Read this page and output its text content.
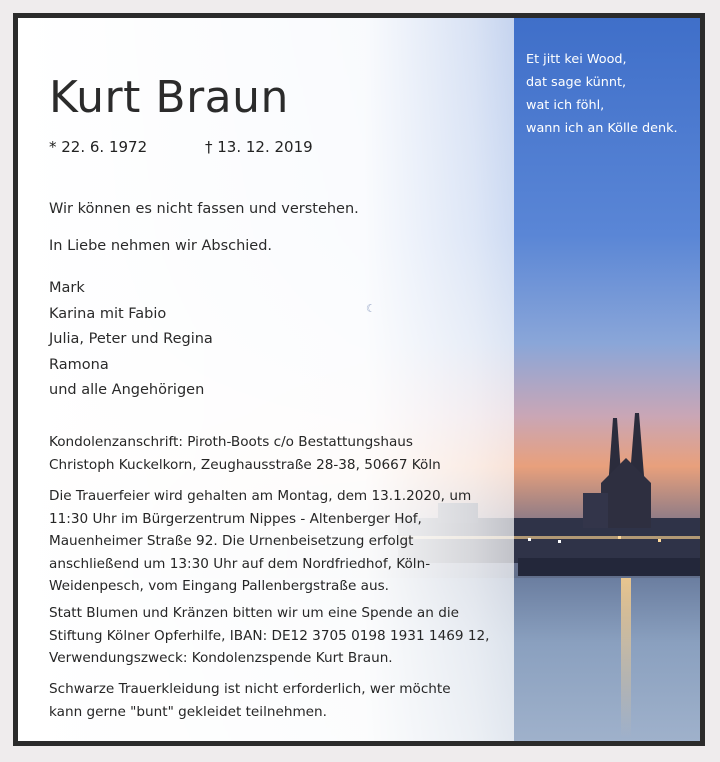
Kurt Braun
* 22. 6. 1972	† 13. 12. 2019

Wir können es nicht fassen und verstehen.

In Liebe nehmen wir Abschied.

Mark
Karina mit Fabio
Julia, Peter und Regina
Ramona
und alle Angehörigen
☾
Kondolenzanschrift: Piroth-Boots c/o Bestattungshaus
Christoph Kuckelkorn, Zeughausstraße 28-38, 50667 Köln
Die Trauerfeier wird gehalten am Montag, dem 13.1.2020, um
11:30 Uhr im Bürgerzentrum Nippes - Altenberger Hof,
Mauenheimer Straße 92. Die Urnenbeisetzung erfolgt
anschließend um 13:30 Uhr auf dem Nordfriedhof, Köln-
Weidenpesch, vom Eingang Pallenbergstraße aus.
Statt Blumen und Kränzen bitten wir um eine Spende an die
Stiftung Kölner Opferhilfe, IBAN: DE12 3705 0198 1931 1469 12,
Verwendungszweck: Kondolenzspende Kurt Braun.
Schwarze Trauerkleidung ist nicht erforderlich, wer möchte
kann gerne "bunt" gekleidet teilnehmen.
Et jitt kei Wood,
dat sage künnt,
wat ich föhl,
wann ich an Kölle denk.
